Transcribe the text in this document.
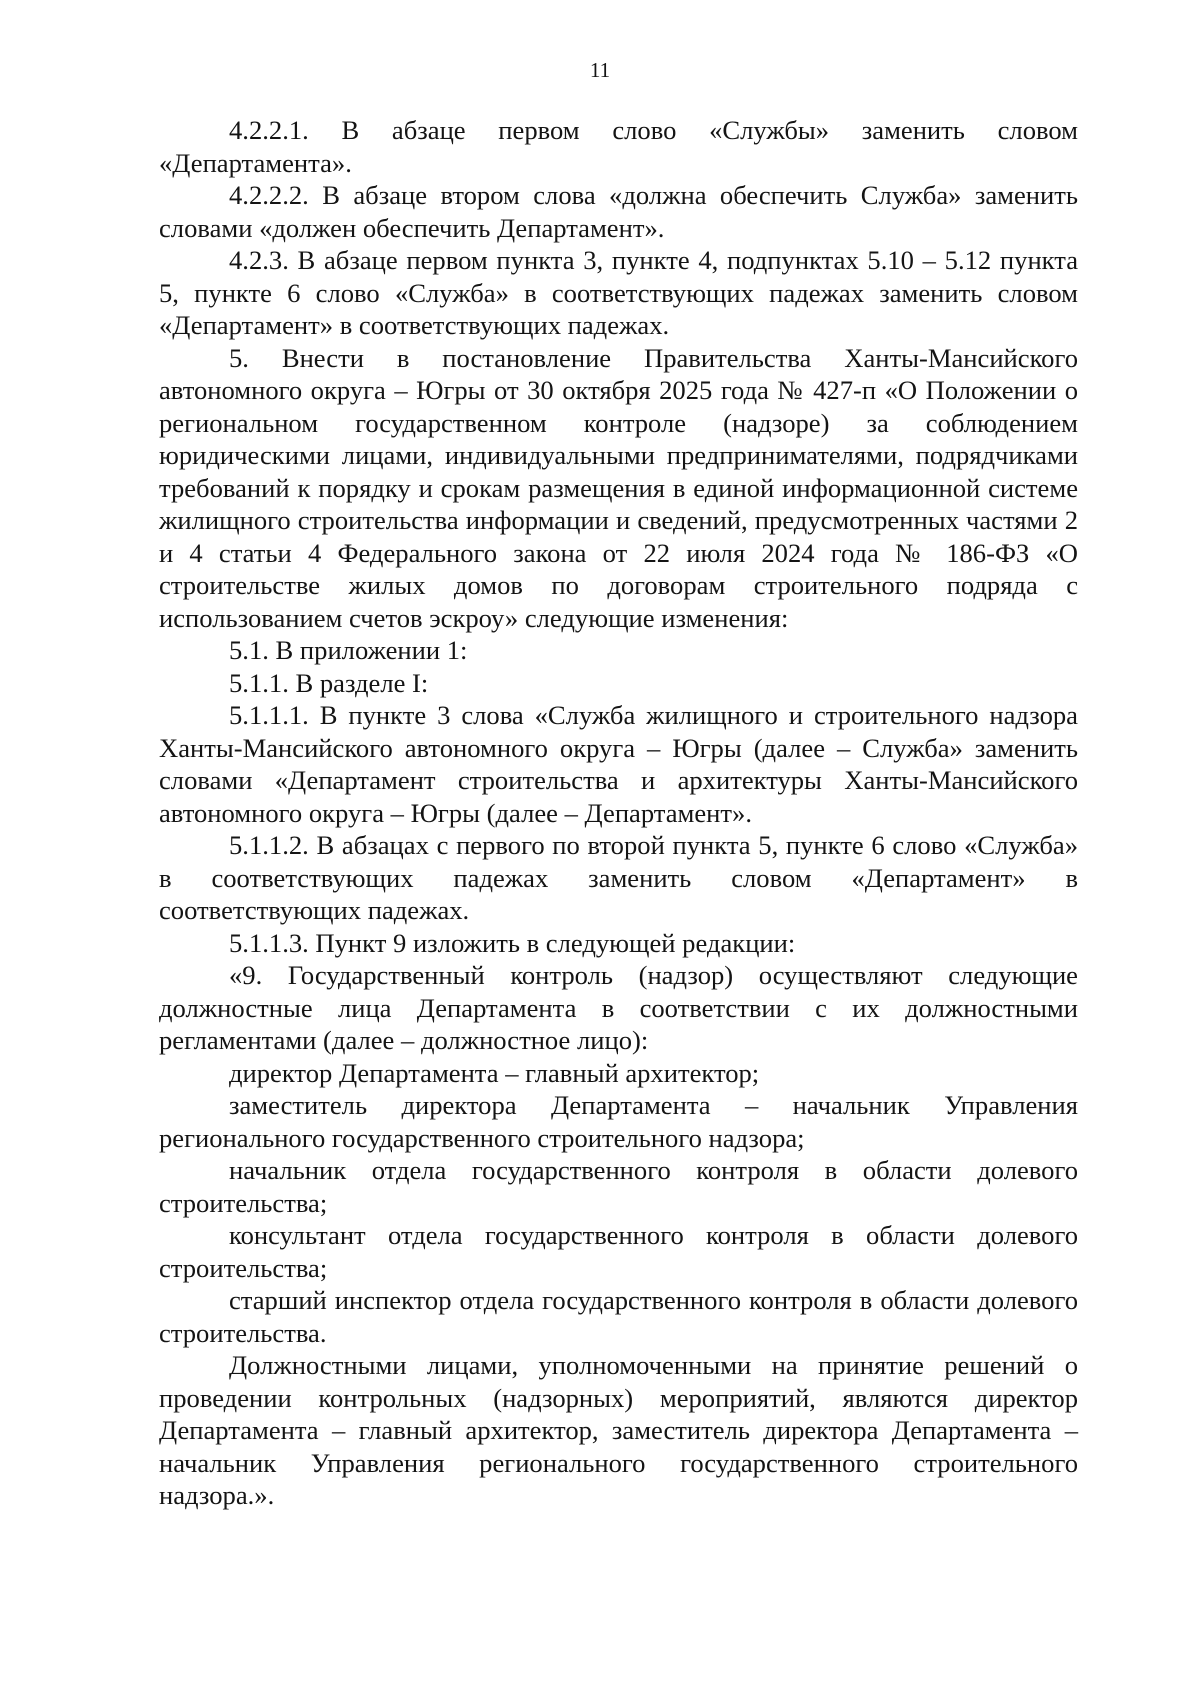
11

4.2.2.1. В абзаце первом слово «Службы» заменить словом «Департамента».

4.2.2.2. В абзаце втором слова «должна обеспечить Служба» заменить словами «должен обеспечить Департамент».

4.2.3. В абзаце первом пункта 3, пункте 4, подпунктах 5.10 – 5.12 пункта 5, пункте 6 слово «Служба» в соответствующих падежах заменить словом «Департамент» в соответствующих падежах.

5. Внести в постановление Правительства Ханты-Мансийского автономного округа – Югры от 30 октября 2025 года № 427-п «О Положении о региональном государственном контроле (надзоре) за соблюдением юридическими лицами, индивидуальными предпринимателями, подрядчиками требований к порядку и срокам размещения в единой информационной системе жилищного строительства информации и сведений, предусмотренных частями 2 и 4 статьи 4 Федерального закона от 22 июля 2024 года № 186-ФЗ «О строительстве жилых домов по договорам строительного подряда с использованием счетов эскроу» следующие изменения:

5.1. В приложении 1:

5.1.1. В разделе I:

5.1.1.1. В пункте 3 слова «Служба жилищного и строительного надзора Ханты-Мансийского автономного округа – Югры (далее – Служба» заменить словами «Департамент строительства и архитектуры Ханты-Мансийского автономного округа – Югры (далее – Департамент».

5.1.1.2. В абзацах с первого по второй пункта 5, пункте 6 слово «Служба» в соответствующих падежах заменить словом «Департамент» в соответствующих падежах.

5.1.1.3. Пункт 9 изложить в следующей редакции:

«9. Государственный контроль (надзор) осуществляют следующие должностные лица Департамента в соответствии с их должностными регламентами (далее – должностное лицо):

директор Департамента – главный архитектор;

заместитель директора Департамента – начальник Управления регионального государственного строительного надзора;

начальник отдела государственного контроля в области долевого строительства;

консультант отдела государственного контроля в области долевого строительства;

старший инспектор отдела государственного контроля в области долевого строительства.

Должностными лицами, уполномоченными на принятие решений о проведении контрольных (надзорных) мероприятий, являются директор Департамента – главный архитектор, заместитель директора Департамента – начальник Управления регионального государственного строительного надзора.».
